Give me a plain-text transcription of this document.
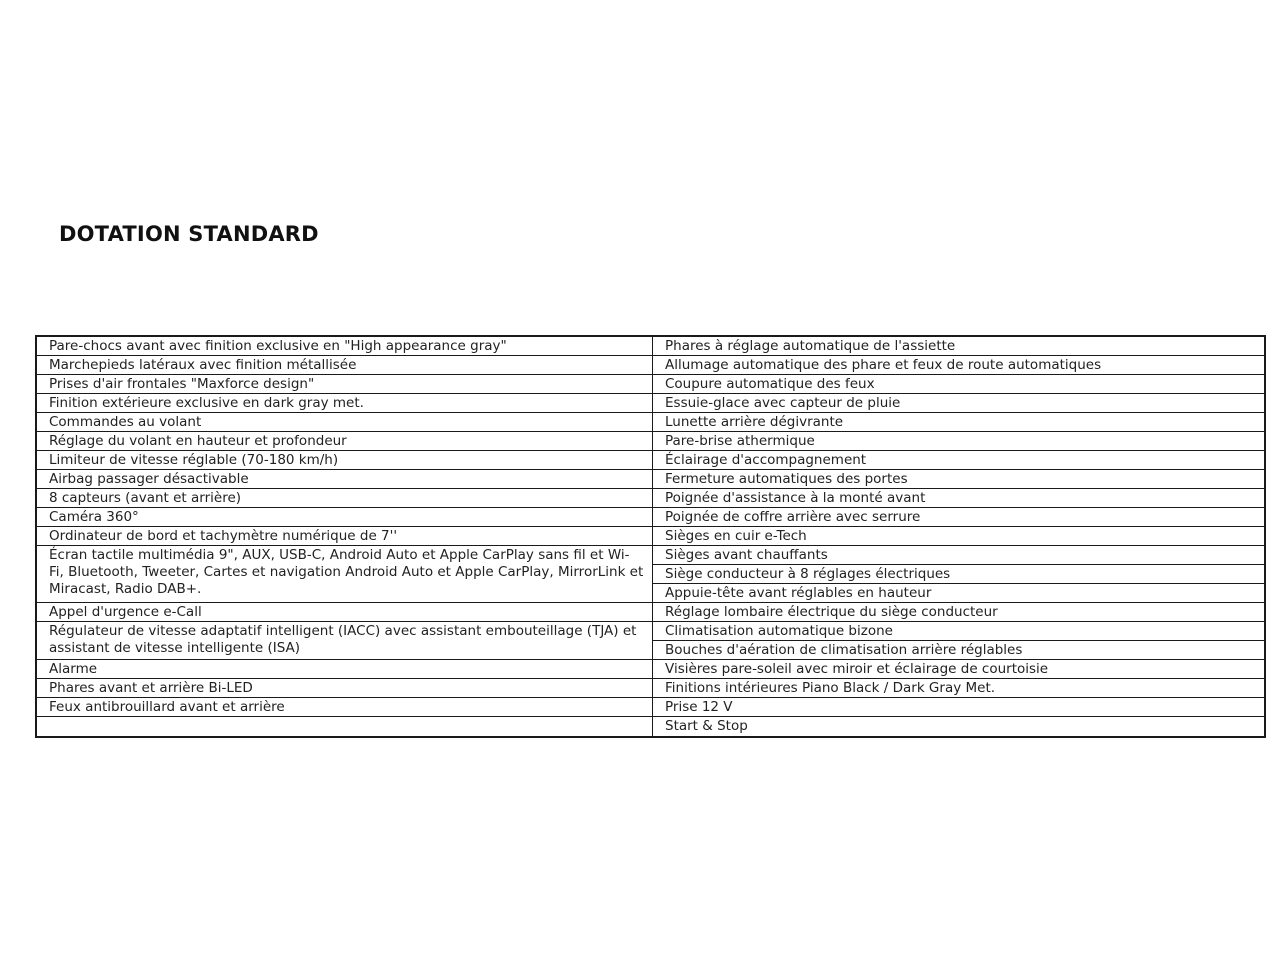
DOTATION STANDARD
Pare-chocs avant avec finition exclusive en "High appearance gray"
Marchepieds latéraux avec finition métallisée
Prises d'air frontales "Maxforce design"
Finition extérieure exclusive en dark gray met.
Commandes au volant
Réglage du volant en hauteur et profondeur
Limiteur de vitesse réglable (70-180 km/h)
Airbag passager désactivable
8 capteurs (avant et arrière)
Caméra 360°
Ordinateur de bord et tachymètre numérique de 7''
Écran tactile multimédia 9", AUX, USB-C, Android Auto et Apple CarPlay sans fil et Wi-Fi, Bluetooth, Tweeter, Cartes et navigation Android Auto et Apple CarPlay, MirrorLink et Miracast, Radio DAB+.
Appel d'urgence e-Call
Régulateur de vitesse adaptatif intelligent (IACC) avec assistant embouteillage (TJA) et assistant de vitesse intelligente (ISA)
Alarme
Phares avant et arrière Bi-LED
Feux antibrouillard avant et arrière
Phares à réglage automatique de l'assiette
Allumage automatique des phare et feux de route automatiques
Coupure automatique des feux
Essuie-glace avec capteur de pluie
Lunette arrière dégivrante
Pare-brise athermique
Éclairage d'accompagnement
Fermeture automatiques des portes
Poignée d'assistance à la monté avant
Poignée de coffre arrière avec serrure
Sièges en cuir e-Tech
Sièges avant chauffants
Siège conducteur à 8 réglages électriques
Appuie-tête avant réglables en hauteur
Réglage lombaire électrique du siège conducteur
Climatisation automatique bizone
Bouches d'aération de climatisation arrière réglables
Visières pare-soleil avec miroir et éclairage de courtoisie
Finitions intérieures Piano Black / Dark Gray Met.
Prise 12 V
Start & Stop
